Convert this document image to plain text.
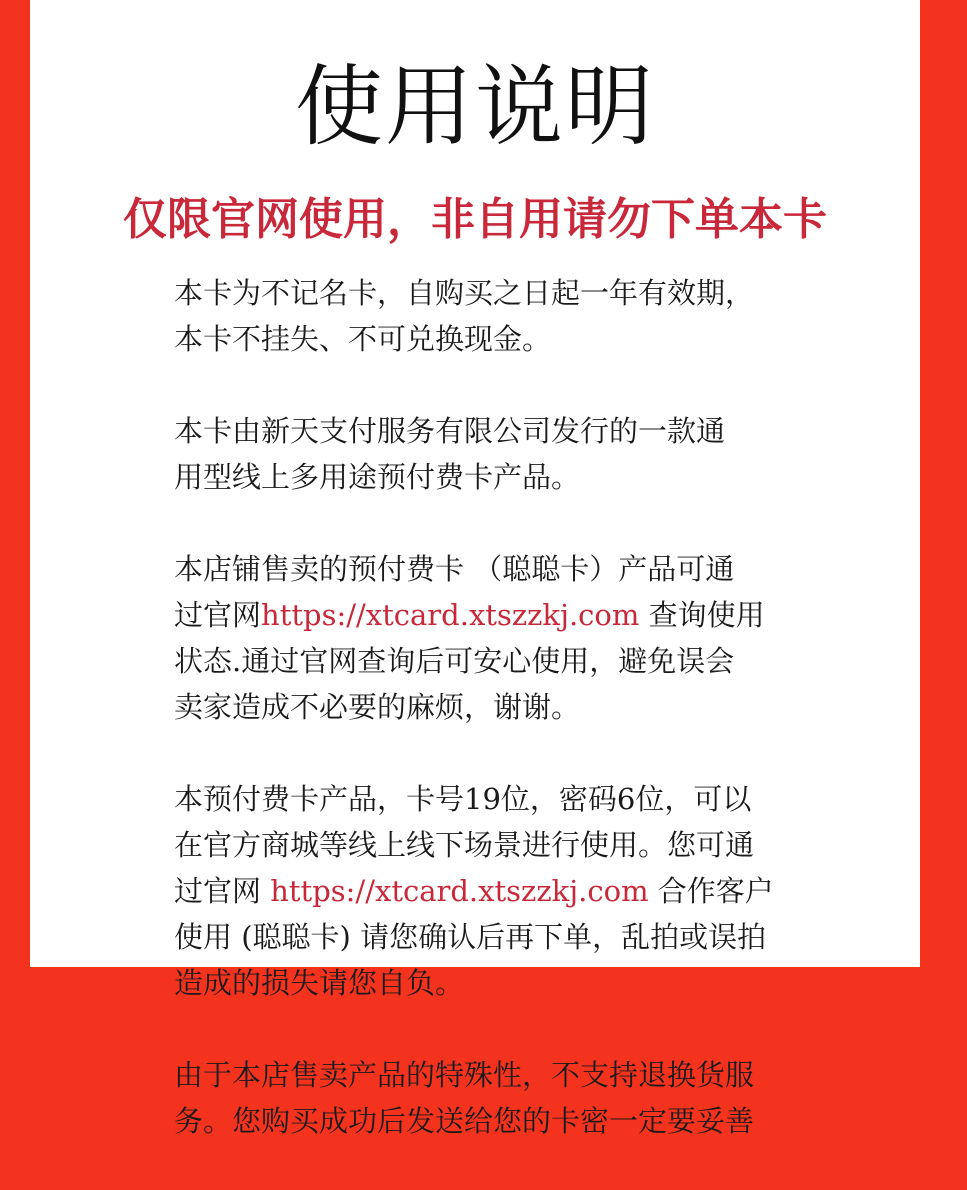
使用说明
仅限官网使用，非自用请勿下单本卡

本卡为不记名卡，自购买之日起一年有效期，
本卡不挂失、不可兑换现金。

本卡由新天支付服务有限公司发行的一款通
用型线上多用途预付费卡产品。

本店铺售卖的预付费卡 （聪聪卡）产品可通
过官网https://xtcard.xtszzkj.com 查询使用
状态.通过官网查询后可安心使用，避免误会
卖家造成不必要的麻烦，谢谢。

本预付费卡产品，卡号19位，密码6位，可以
在官方商城等线上线下场景进行使用。您可通
过官网 https://xtcard.xtszzkj.com 合作客户
使用 (聪聪卡) 请您确认后再下单，乱拍或误拍
造成的损失请您自负。

由于本店售卖产品的特殊性，不支持退换货服
务。您购买成功后发送给您的卡密一定要妥善
